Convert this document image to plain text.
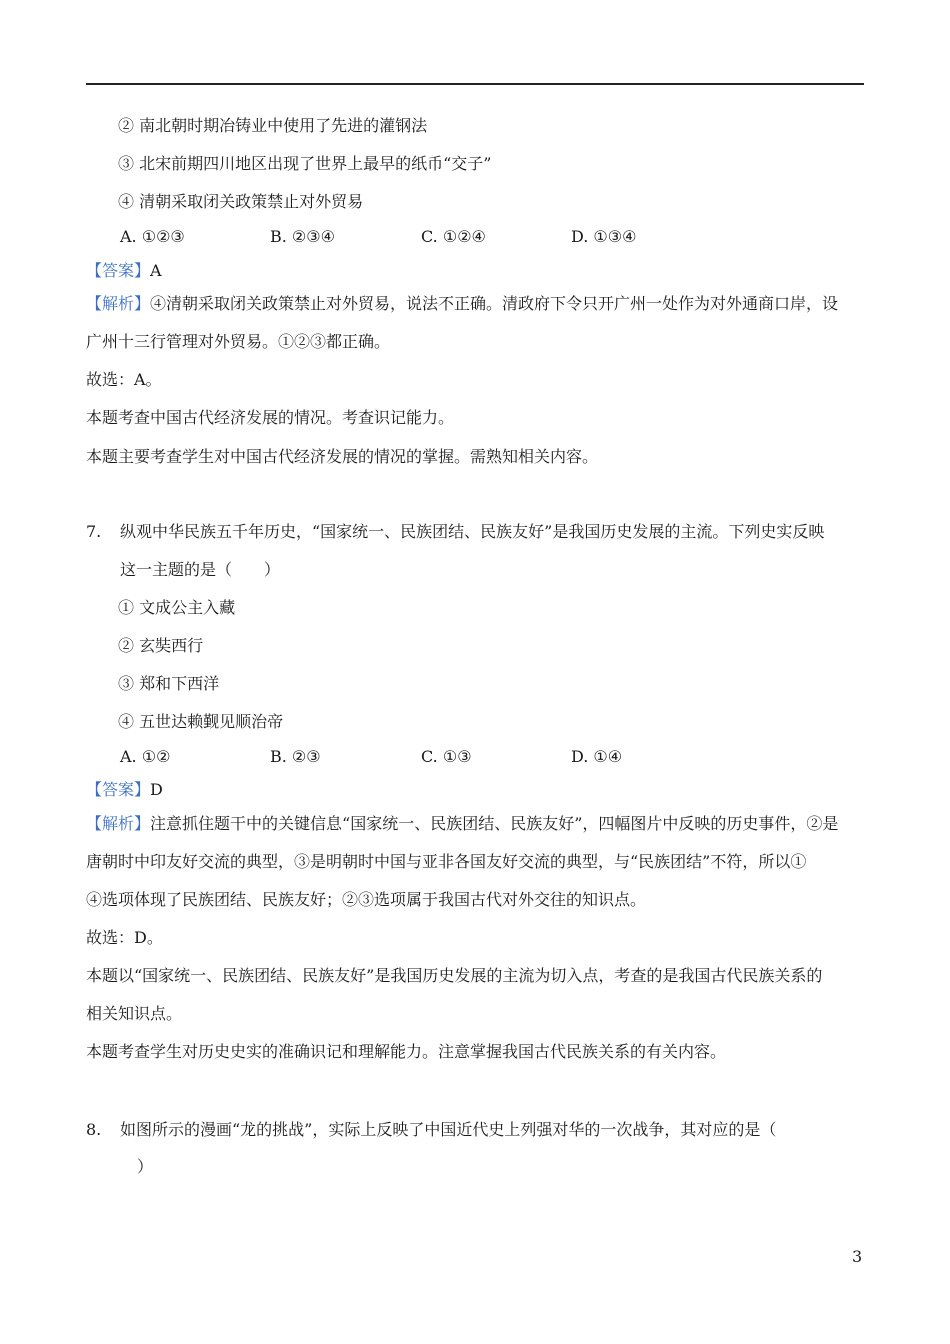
② 南北朝时期冶铸业中使用了先进的灌钢法
③ 北宋前期四川地区出现了世界上最早的纸币“交子”
④ 清朝采取闭关政策禁止对外贸易
A. ①②③	B. ②③④	C. ①②④	D. ①③④
【答案】A
【解析】④清朝采取闭关政策禁止对外贸易，说法不正确。清政府下令只开广州一处作为对外通商口岸，设
广州十三行管理对外贸易。①②③都正确。
故选：A。
本题考查中国古代经济发展的情况。考查识记能力。
本题主要考查学生对中国古代经济发展的情况的掌握。需熟知相关内容。
7. 纵观中华民族五千年历史，“国家统一、民族团结、民族友好”是我国历史发展的主流。下列史实反映
这一主题的是（　　）
① 文成公主入藏
② 玄奘西行
③ 郑和下西洋
④ 五世达赖觐见顺治帝
A. ①②	B. ②③	C. ①③	D. ①④
【答案】D
【解析】注意抓住题干中的关键信息“国家统一、民族团结、民族友好”，四幅图片中反映的历史事件，②是
唐朝时中印友好交流的典型，③是明朝时中国与亚非各国友好交流的典型，与“民族团结”不符，所以①
④选项体现了民族团结、民族友好；②③选项属于我国古代对外交往的知识点。
故选：D。
本题以“国家统一、民族团结、民族友好”是我国历史发展的主流为切入点，考查的是我国古代民族关系的
相关知识点。
本题考查学生对历史史实的准确识记和理解能力。注意掌握我国古代民族关系的有关内容。
8. 如图所示的漫画“龙的挑战”，实际上反映了中国近代史上列强对华的一次战争，其对应的是（
）
3
